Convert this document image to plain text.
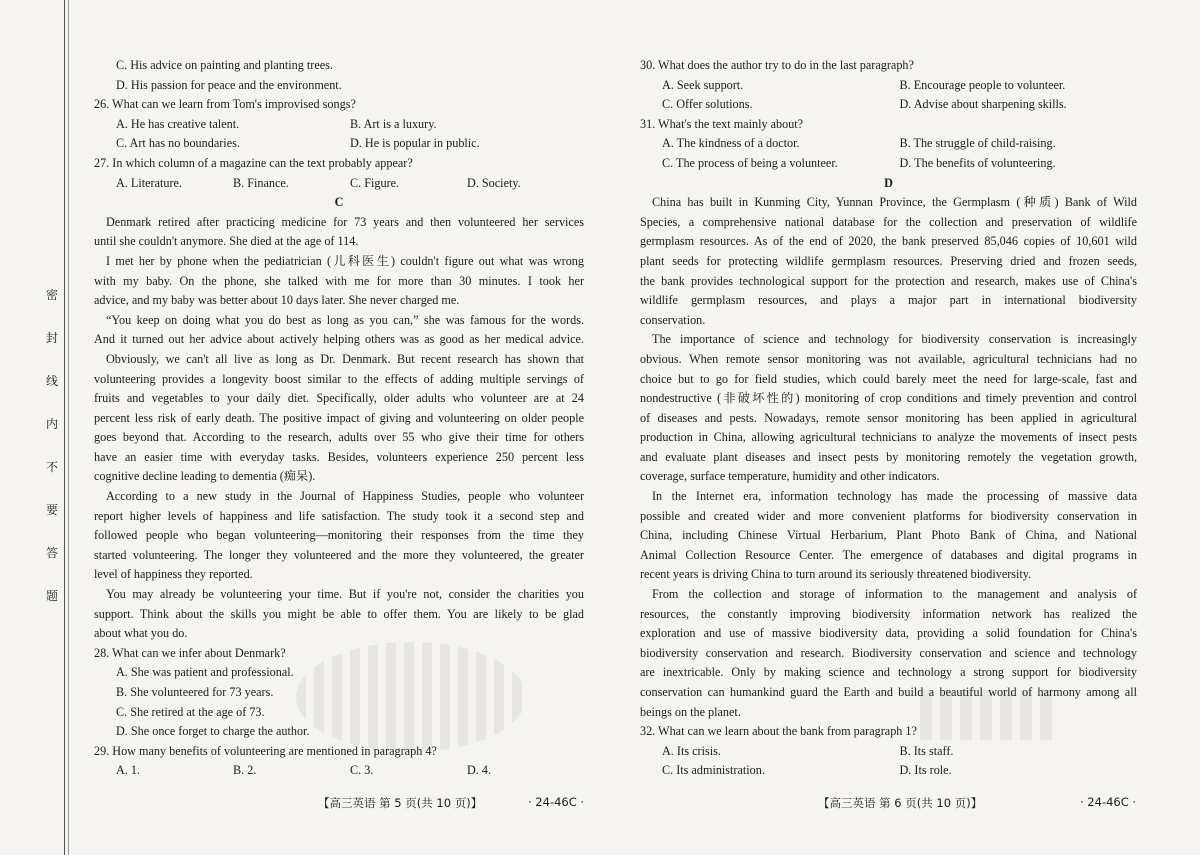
密
封
线
内
不
要
答
题
C. His advice on painting and planting trees.
D. His passion for peace and the environment.
26. What can we learn from Tom's improvised songs?
A. He has creative talent.	B. Art is a luxury.
C. Art has no boundaries.	D. He is popular in public.
27. In which column of a magazine can the text probably appear?
A. Literature.	B. Finance.	C. Figure.	D. Society.
C
Denmark retired after practicing medicine for 73 years and then volunteered her services
until she couldn't anymore. She died at the age of 114.
I met her by phone when the pediatrician (儿科医生) couldn't figure out what was wrong
with my baby. On the phone, she talked with me for more than 30 minutes. I took her
advice, and my baby was better about 10 days later. She never charged me.
“You keep on doing what you do best as long as you can,” she was famous for the words.
And it turned out her advice about actively helping others was as good as her medical advice.
Obviously, we can't all live as long as Dr. Denmark. But recent research has shown that
volunteering provides a longevity boost similar to the effects of adding multiple servings of
fruits and vegetables to your daily diet. Specifically, older adults who volunteer are at 24
percent less risk of early death. The positive impact of giving and volunteering on older people
goes beyond that. According to the research, adults over 55 who give their time for others
have an easier time with everyday tasks. Besides, volunteers experience 250 percent less
cognitive decline leading to dementia (痴呆).
According to a new study in the Journal of Happiness Studies, people who volunteer
report higher levels of happiness and life satisfaction. The study took it a second step and
followed people who began volunteering—monitoring their responses from the time they
started volunteering. The longer they volunteered and the more they volunteered, the greater
level of happiness they reported.
You may already be volunteering your time. But if you're not, consider the charities you
support. Think about the skills you might be able to offer them. You are likely to be glad
about what you do.
28. What can we infer about Denmark?
A. She was patient and professional.
B. She volunteered for 73 years.
C. She retired at the age of 73.
D. She once forget to charge the author.
29. How many benefits of volunteering are mentioned in paragraph 4?
A. 1.	B. 2.	C. 3.	D. 4.
30. What does the author try to do in the last paragraph?
A. Seek support.	B. Encourage people to volunteer.
C. Offer solutions.	D. Advise about sharpening skills.
31. What's the text mainly about?
A. The kindness of a doctor.	B. The struggle of child-raising.
C. The process of being a volunteer.	D. The benefits of volunteering.
D
China has built in Kunming City, Yunnan Province, the Germplasm (种质) Bank of Wild
Species, a comprehensive national database for the collection and preservation of wildlife
germplasm resources. As of the end of 2020, the bank preserved 85,046 copies of 10,601 wild
plant seeds for protecting wildlife germplasm resources. Preserving dried and frozen seeds,
the bank provides technological support for the protection and research, makes use of China's
wildlife germplasm resources, and plays a major part in international biodiversity
conservation.
The importance of science and technology for biodiversity conservation is increasingly
obvious. When remote sensor monitoring was not available, agricultural technicians had no
choice but to go for field studies, which could barely meet the need for large-scale, fast and
nondestructive (非破坏性的) monitoring of crop conditions and timely prevention and control
of diseases and pests. Nowadays, remote sensor monitoring has been applied in agricultural
production in China, allowing agricultural technicians to analyze the movements of insect pests
and evaluate plant diseases and insect pests by monitoring remotely the vegetation growth,
coverage, surface temperature, humidity and other indicators.
In the Internet era, information technology has made the processing of massive data
possible and created wider and more convenient platforms for biodiversity conservation in
China, including Chinese Virtual Herbarium, Plant Photo Bank of China, and National
Animal Collection Resource Center. The emergence of databases and digital programs in
recent years is driving China to turn around its seriously threatened biodiversity.
From the collection and storage of information to the management and analysis of
resources, the constantly improving biodiversity information network has realized the
exploration and use of massive biodiversity data, providing a solid foundation for China's
biodiversity conservation and research. Biodiversity conservation and science and technology
are inextricable. Only by making science and technology a strong support for biodiversity
conservation can humankind guard the Earth and build a beautiful world of harmony among all
beings on the planet.
32. What can we learn about the bank from paragraph 1?
A. Its crisis.	B. Its staff.
C. Its administration.	D. Its role.
【高三英语 第 5 页(共 10 页)】	· 24-46C ·	【高三英语 第 6 页(共 10 页)】	· 24-46C ·
